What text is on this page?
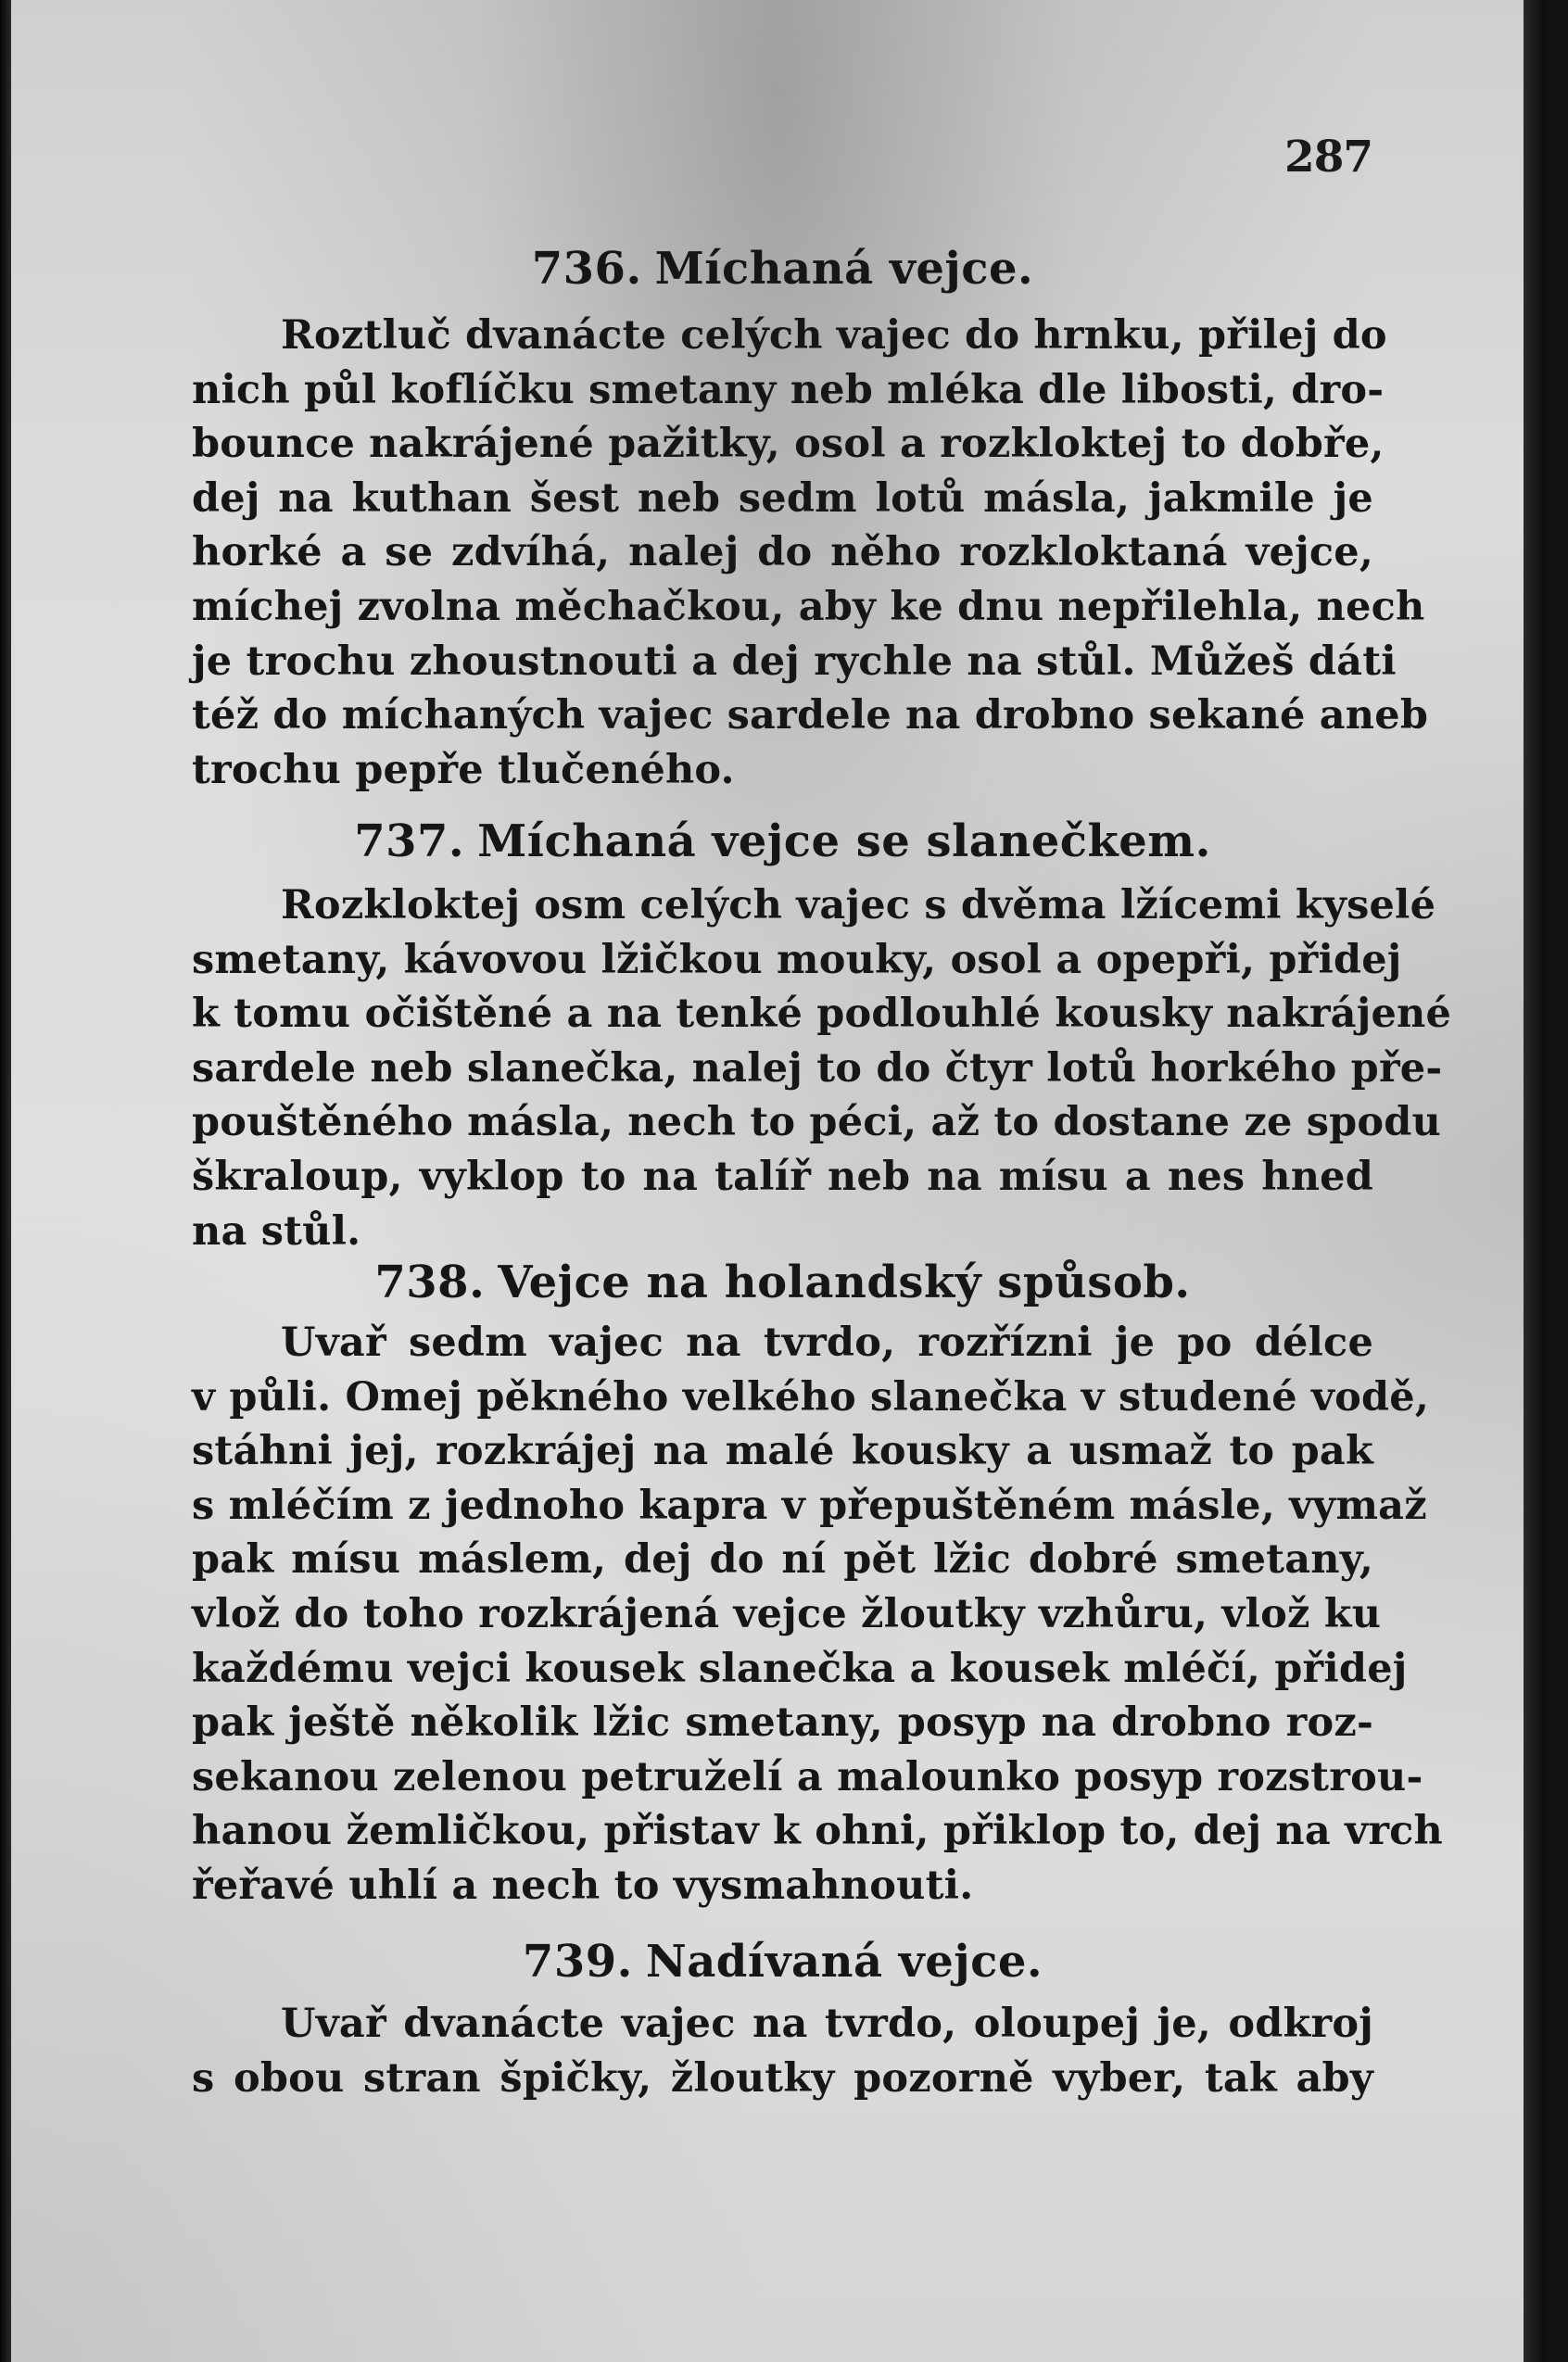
287
736. Míchaná vejce.
Roztluč dvanácte celých vajec do hrnku, přilej do
nich půl koflíčku smetany neb mléka dle libosti, dro-
bounce nakrájené pažitky, osol a rozkloktej to dobře,
dej na kuthan šest neb sedm lotů másla, jakmile je
horké a se zdvíhá, nalej do něho rozkloktaná vejce,
míchej zvolna měchačkou, aby ke dnu nepřilehla, nech
je trochu zhoustnouti a dej rychle na stůl. Můžeš dáti
též do míchaných vajec sardele na drobno sekané aneb
trochu pepře tlučeného.
737. Míchaná vejce se slanečkem.
Rozkloktej osm celých vajec s dvěma lžícemi kyselé
smetany, kávovou lžičkou mouky, osol a opepři, přidej
k tomu očištěné a na tenké podlouhlé kousky nakrájené
sardele neb slanečka, nalej to do čtyr lotů horkého pře-
pouštěného másla, nech to péci, až to dostane ze spodu
škraloup, vyklop to na talíř neb na mísu a nes hned
na stůl.
738. Vejce na holandský spůsob.
Uvař sedm vajec na tvrdo, rozřízni je po délce
v půli. Omej pěkného velkého slanečka v studené vodě,
stáhni jej, rozkrájej na malé kousky a usmaž to pak
s mléčím z jednoho kapra v přepuštěném másle, vymaž
pak mísu máslem, dej do ní pět lžic dobré smetany,
vlož do toho rozkrájená vejce žloutky vzhůru, vlož ku
každému vejci kousek slanečka a kousek mléčí, přidej
pak ještě několik lžic smetany, posyp na drobno roz-
sekanou zelenou petruželí a malounko posyp rozstrou-
hanou žemličkou, přistav k ohni, přiklop to, dej na vrch
řeřavé uhlí a nech to vysmahnouti.
739. Nadívaná vejce.
Uvař dvanácte vajec na tvrdo, oloupej je, odkroj
s obou stran špičky, žloutky pozorně vyber, tak aby
